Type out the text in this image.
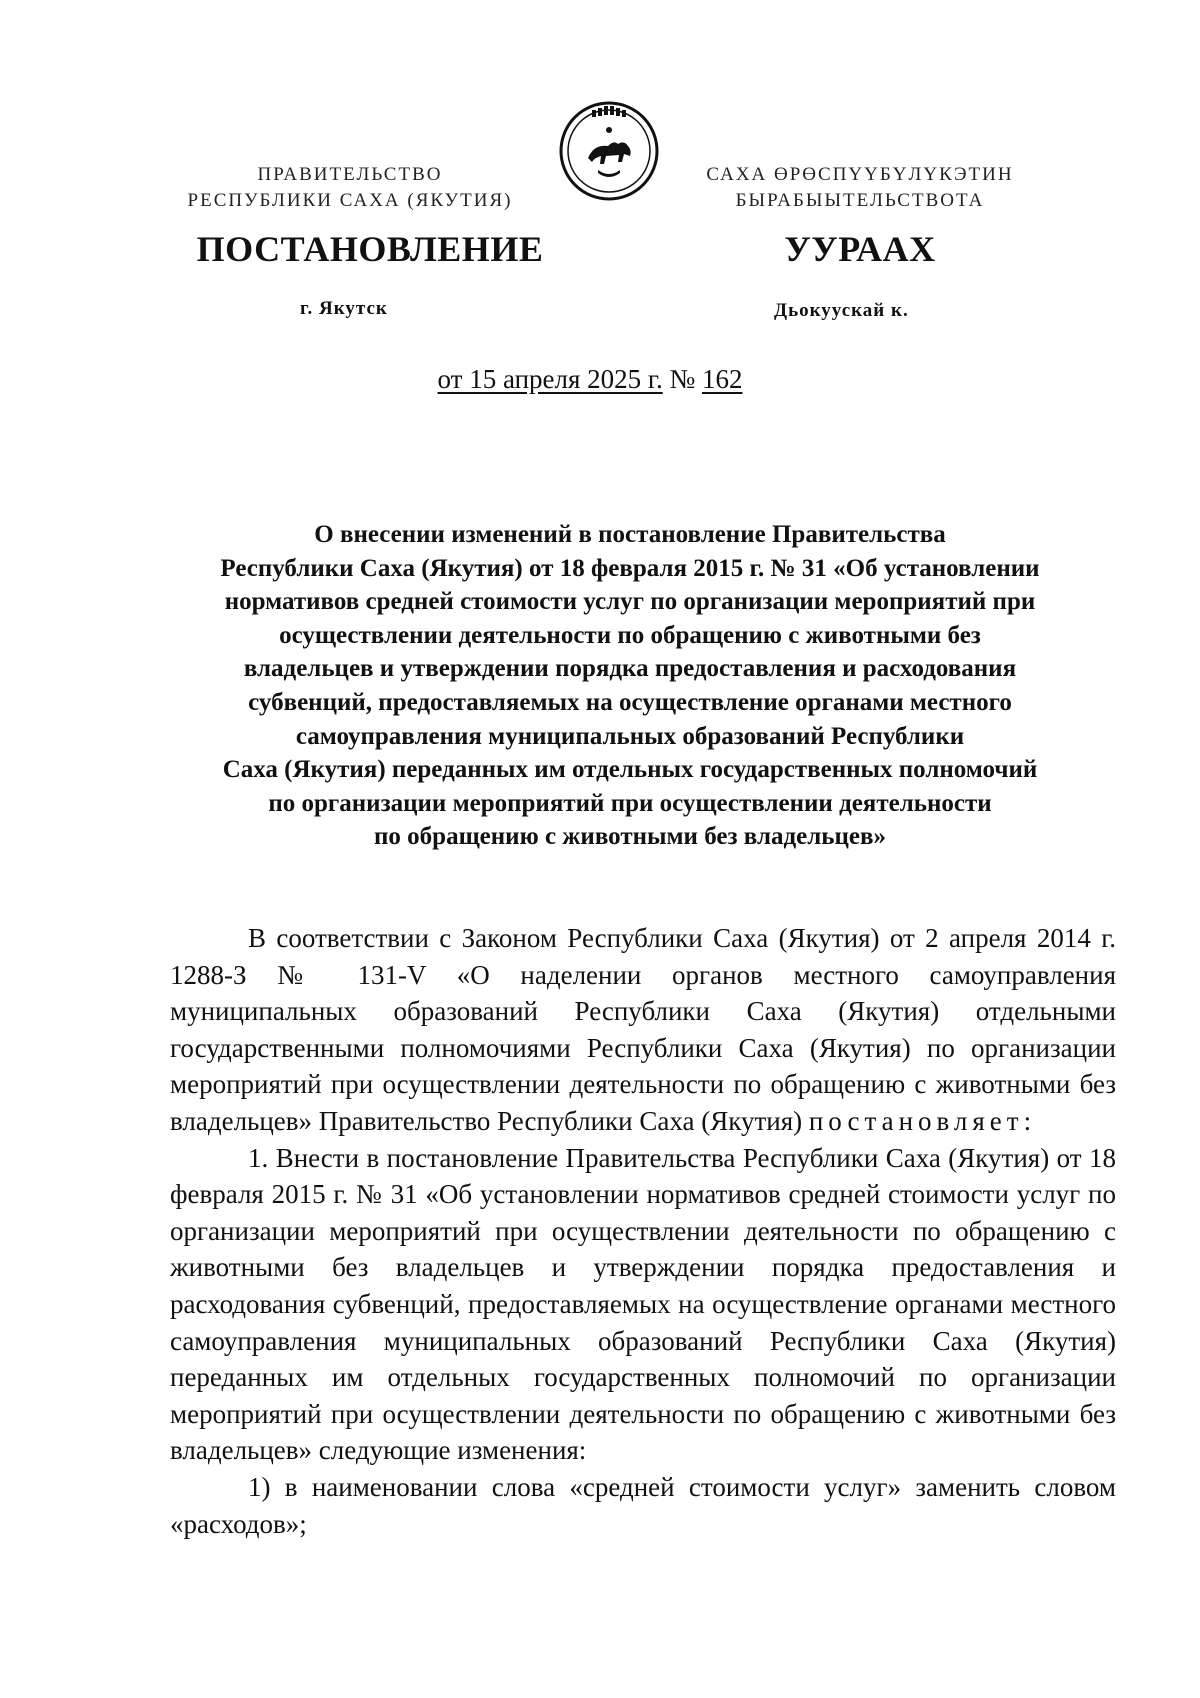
ПРАВИТЕЛЬСТВО
РЕСПУБЛИКИ САХА (ЯКУТИЯ)
САХА ӨРӨСПҮҮБҮЛҮКЭТИН
БЫРАБЫЫТЕЛЬСТВОТА
ПОСТАНОВЛЕНИЕ	УУРААХ
г. Якутск	Дьокуускай к.
от 15 апреля 2025 г. № 162
О внесении изменений в постановление Правительства
Республики Саха (Якутия) от 18 февраля 2015 г. № 31 «Об установлении
нормативов средней стоимости услуг по организации мероприятий при
осуществлении деятельности по обращению с животными без
владельцев и утверждении порядка предоставления и расходования
субвенций, предоставляемых на осуществление органами местного
самоуправления муниципальных образований Республики
Саха (Якутия) переданных им отдельных государственных полномочий
по организации мероприятий при осуществлении деятельности
по обращению с животными без владельцев»

В соответствии с Законом Республики Саха (Якутия) от 2 апреля 2014 г. 1288-З № 131-V «О наделении органов местного самоуправления муниципальных образований Республики Саха (Якутия) отдельными государственными полномочиями Республики Саха (Якутия) по организации мероприятий при осуществлении деятельности по обращению с животными без владельцев» Правительство Республики Саха (Якутия) постановляет:

1. Внести в постановление Правительства Республики Саха (Якутия) от 18 февраля 2015 г. № 31 «Об установлении нормативов средней стоимости услуг по организации мероприятий при осуществлении деятельности по обращению с животными без владельцев и утверждении порядка предоставления и расходования субвенций, предоставляемых на осуществление органами местного самоуправления муниципальных образований Республики Саха (Якутия) переданных им отдельных государственных полномочий по организации мероприятий при осуществлении деятельности по обращению с животными без владельцев» следующие изменения:

1) в наименовании слова «средней стоимости услуг» заменить словом «расходов»;
